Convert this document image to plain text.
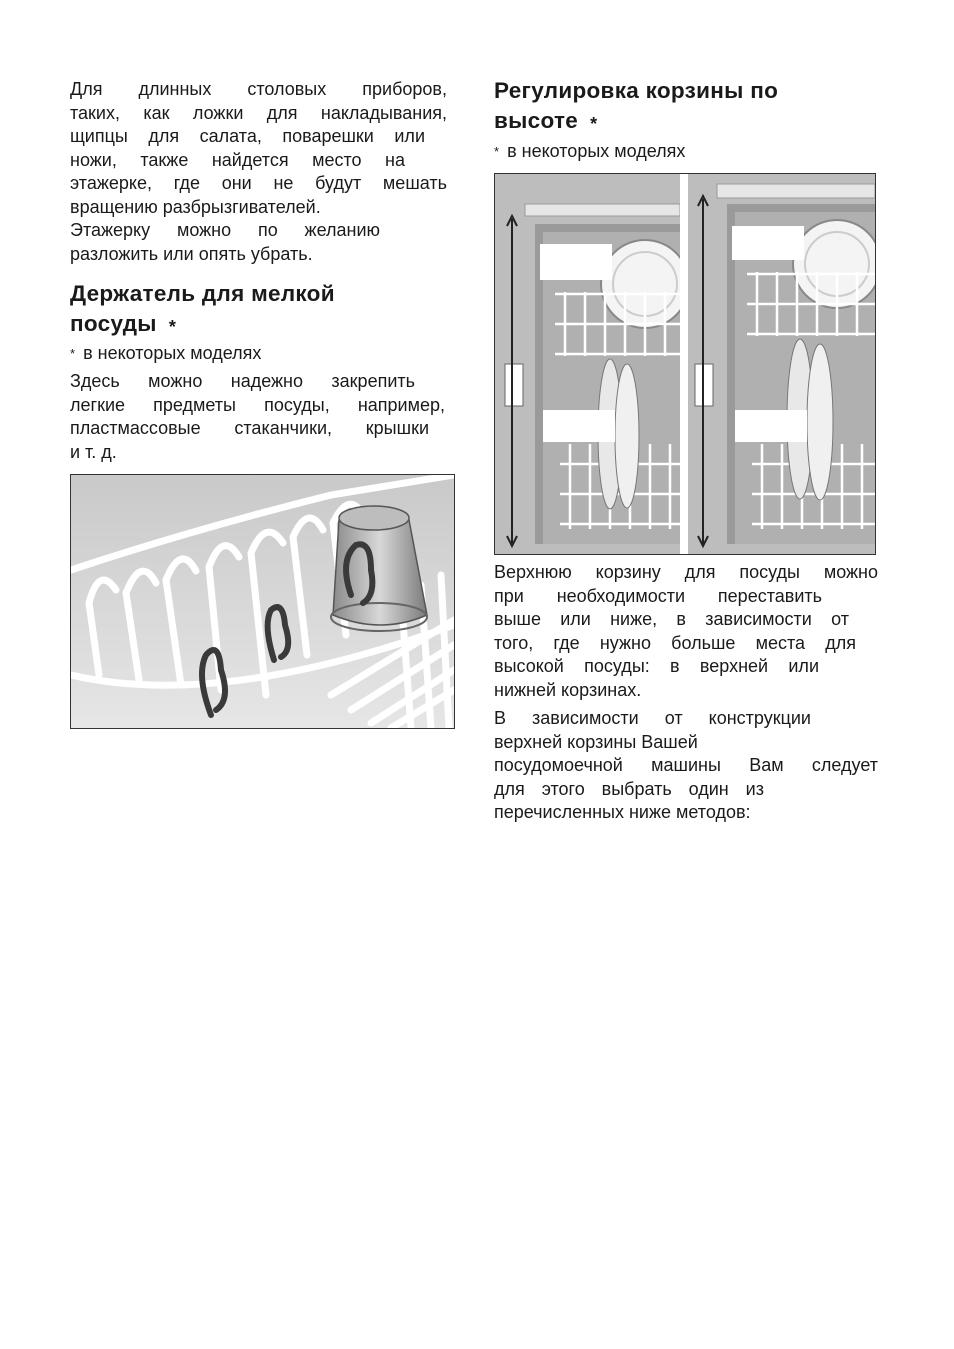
Для длинных столовых приборов,
таких, как ложки для накладывания,
щипцы для салата, поварешки или
ножи, также найдется место на
этажерке, где они не будут мешать
вращению разбрызгивателей.
Этажерку можно по желанию
разложить или опять убрать.

Держатель для мелкой
посуды *
* в некоторых моделях

Здесь можно надежно закрепить
легкие предметы посуды, например,
пластмассовые стаканчики, крышки
и т. д.

Регулировка корзины по
высоте *
* в некоторых моделях

Верхнюю корзину для посуды можно
при необходимости переставить
выше или ниже, в зависимости от
того, где нужно больше места для
высокой посуды: в верхней или
нижней корзинах.

В зависимости от конструкции
верхней корзины Вашей
посудомоечной машины Вам следует
для этого выбрать один из
перечисленных ниже методов:
